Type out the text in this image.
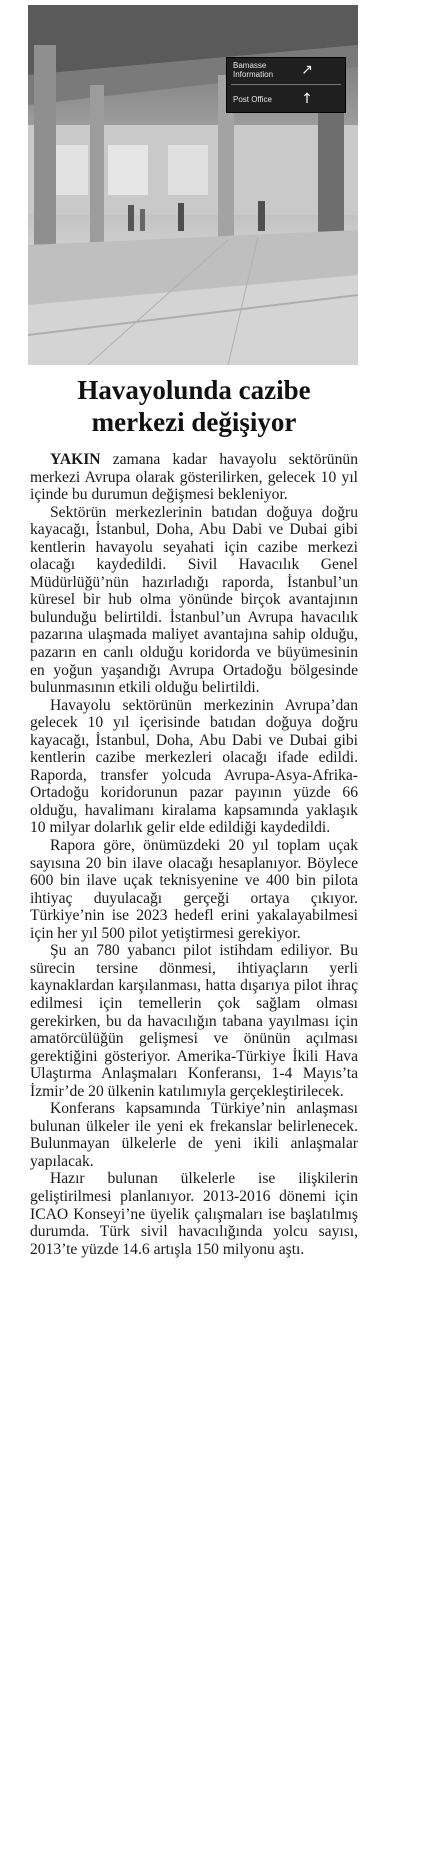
Bamasse Information	↗
Post Office	↑
Havayolunda cazibe
merkezi değişiyor

YAKIN zamana kadar havayolu sektörünün merkezi Avrupa olarak gösterilirken, gelecek 10 yıl içinde bu durumun değişmesi bekleniyor.

Sektörün merkezlerinin batıdan doğuya doğru kayacağı, İstanbul, Doha, Abu Dabi ve Dubai gibi kentlerin havayolu seyahati için cazibe merkezi olacağı kaydedildi. Sivil Havacılık Genel Müdürlüğü’nün hazırladığı raporda, İstanbul’un küresel bir hub olma yönünde birçok avantajının bulunduğu belirtildi. İstanbul’un Avrupa havacılık pazarına ulaşmada maliyet avantajına sahip olduğu, pazarın en canlı olduğu koridorda ve büyümesinin en yoğun yaşandığı Avrupa Ortadoğu bölgesinde bulunmasının etkili olduğu belirtildi.

Havayolu sektörünün merkezinin Avrupa’dan gelecek 10 yıl içerisinde batıdan doğuya doğru kayacağı, İstanbul, Doha, Abu Dabi ve Dubai gibi kentlerin cazibe merkezleri olacağı ifade edildi. Raporda, transfer yolcuda Avrupa-Asya-Afrika-Ortadoğu koridorunun pazar payının yüzde 66 olduğu, havalimanı kiralama kapsamında yaklaşık 10 milyar dolarlık gelir elde edildiği kaydedildi.

Rapora göre, önümüzdeki 20 yıl toplam uçak sayısına 20 bin ilave olacağı hesaplanıyor. Böylece 600 bin ilave uçak teknisyenine ve 400 bin pilota ihtiyaç duyulacağı gerçeği ortaya çıkıyor. Türkiye’nin ise 2023 hedefl erini yakalayabilmesi için her yıl 500 pilot yetiştirmesi gerekiyor.

Şu an 780 yabancı pilot istihdam ediliyor. Bu sürecin tersine dönmesi, ihtiyaçların yerli kaynaklardan karşılanması, hatta dışarıya pilot ihraç edilmesi için temellerin çok sağlam olması gerekirken, bu da havacılığın tabana yayılması için amatörcülüğün gelişmesi ve önünün açılması gerektiğini gösteriyor. Amerika-Türkiye İkili Hava Ulaştırma Anlaşmaları Konferansı, 1-4 Mayıs’ta İzmir’de 20 ülkenin katılımıyla gerçekleştirilecek.

Konferans kapsamında Türkiye’nin anlaşması bulunan ülkeler ile yeni ek frekanslar belirlenecek. Bulunmayan ülkelerle de yeni ikili anlaşmalar yapılacak.

Hazır bulunan ülkelerle ise ilişkilerin geliştirilmesi planlanıyor. 2013-2016 dönemi için ICAO Konseyi’ne üyelik çalışmaları ise başlatılmış durumda. Türk sivil havacılığında yolcu sayısı, 2013’te yüzde 14.6 artışla 150 milyonu aştı.
